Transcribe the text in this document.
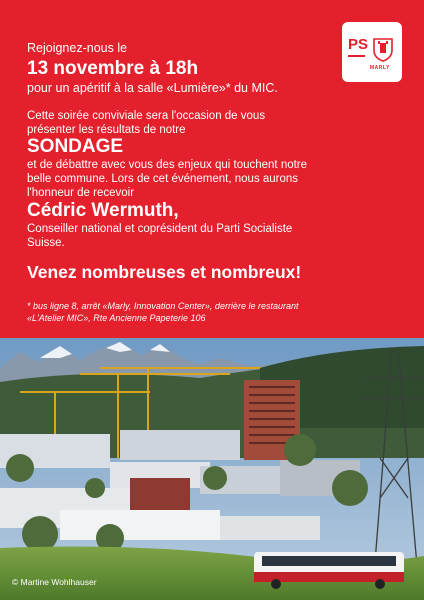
Rejoignez-nous le
13 novembre à 18h
pour un apéritif à la salle «Lumière»* du MIC.
Cette soirée conviviale sera l'occasion de vous
présenter les résultats de notre
SONDAGE
et de débattre avec vous des enjeux qui touchent notre
belle commune. Lors de cet événement, nous aurons
l'honneur de recevoir
Cédric Wermuth,
Conseiller national et coprésident du Parti Socialiste
Suisse.
Venez nombreuses et nombreux!
* bus ligne 8, arrêt «Marly, Innovation Center», derrière le restaurant
«L'Atelier MIC», Rte Ancienne Papeterie 106
PS
MARLY
© Martine Wohlhauser
